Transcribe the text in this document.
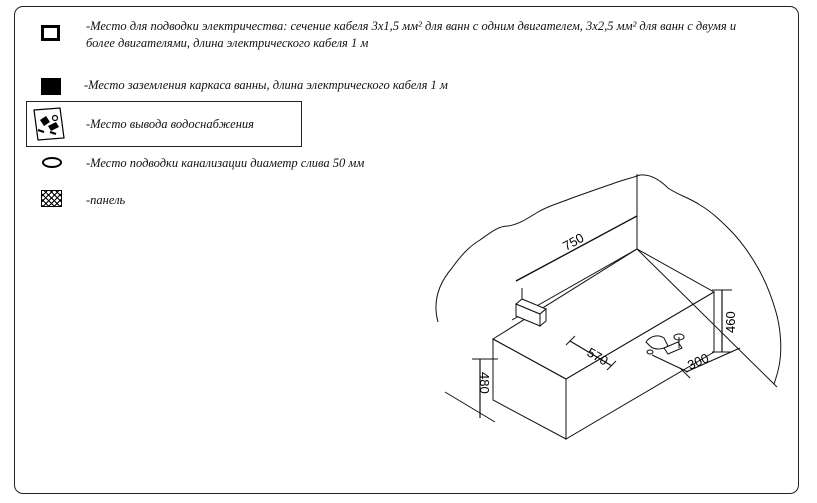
-Место для подводки электричества: сечение кабеля 3х1,5 мм² для ванн с одним двигателем, 3х2,5 мм² для ванн с двумя и
более двигателями, длина электрического кабеля 1 м
-Место заземления каркаса ванны, длина электрического кабеля 1 м
-Место вывода водоснабжения
-Место подводки канализации диаметр слива 50 мм
-панель
750
460
570	300
480
